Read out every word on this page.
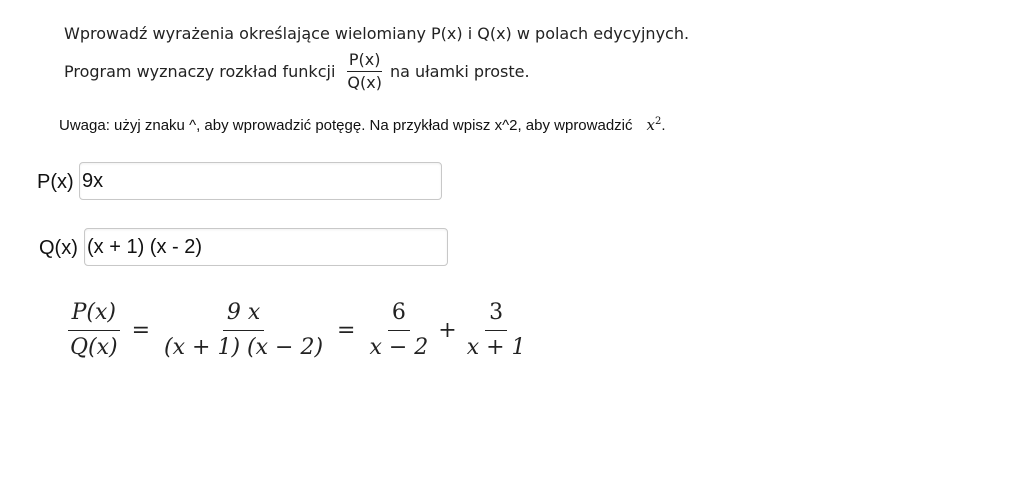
Wprowadź wyrażenia określające wielomiany P(x) i Q(x) w polach edycyjnych.
Program wyznaczy rozkład funkcji $\frac{P(x)}{Q(x)}$ na ułamki proste.
Uwaga: użyj znaku ^, aby wprowadzić potęgę. Na przykład wpisz x^2, aby wprowadzić $x^2$.
P(x)
9x
Q(x)
(x + 1) (x - 2)
$\frac{P(x)}{Q(x)} = \frac{9 x}{(x + 1) (x - 2)} = \frac{6}{x - 2} + \frac{3}{x + 1}$
